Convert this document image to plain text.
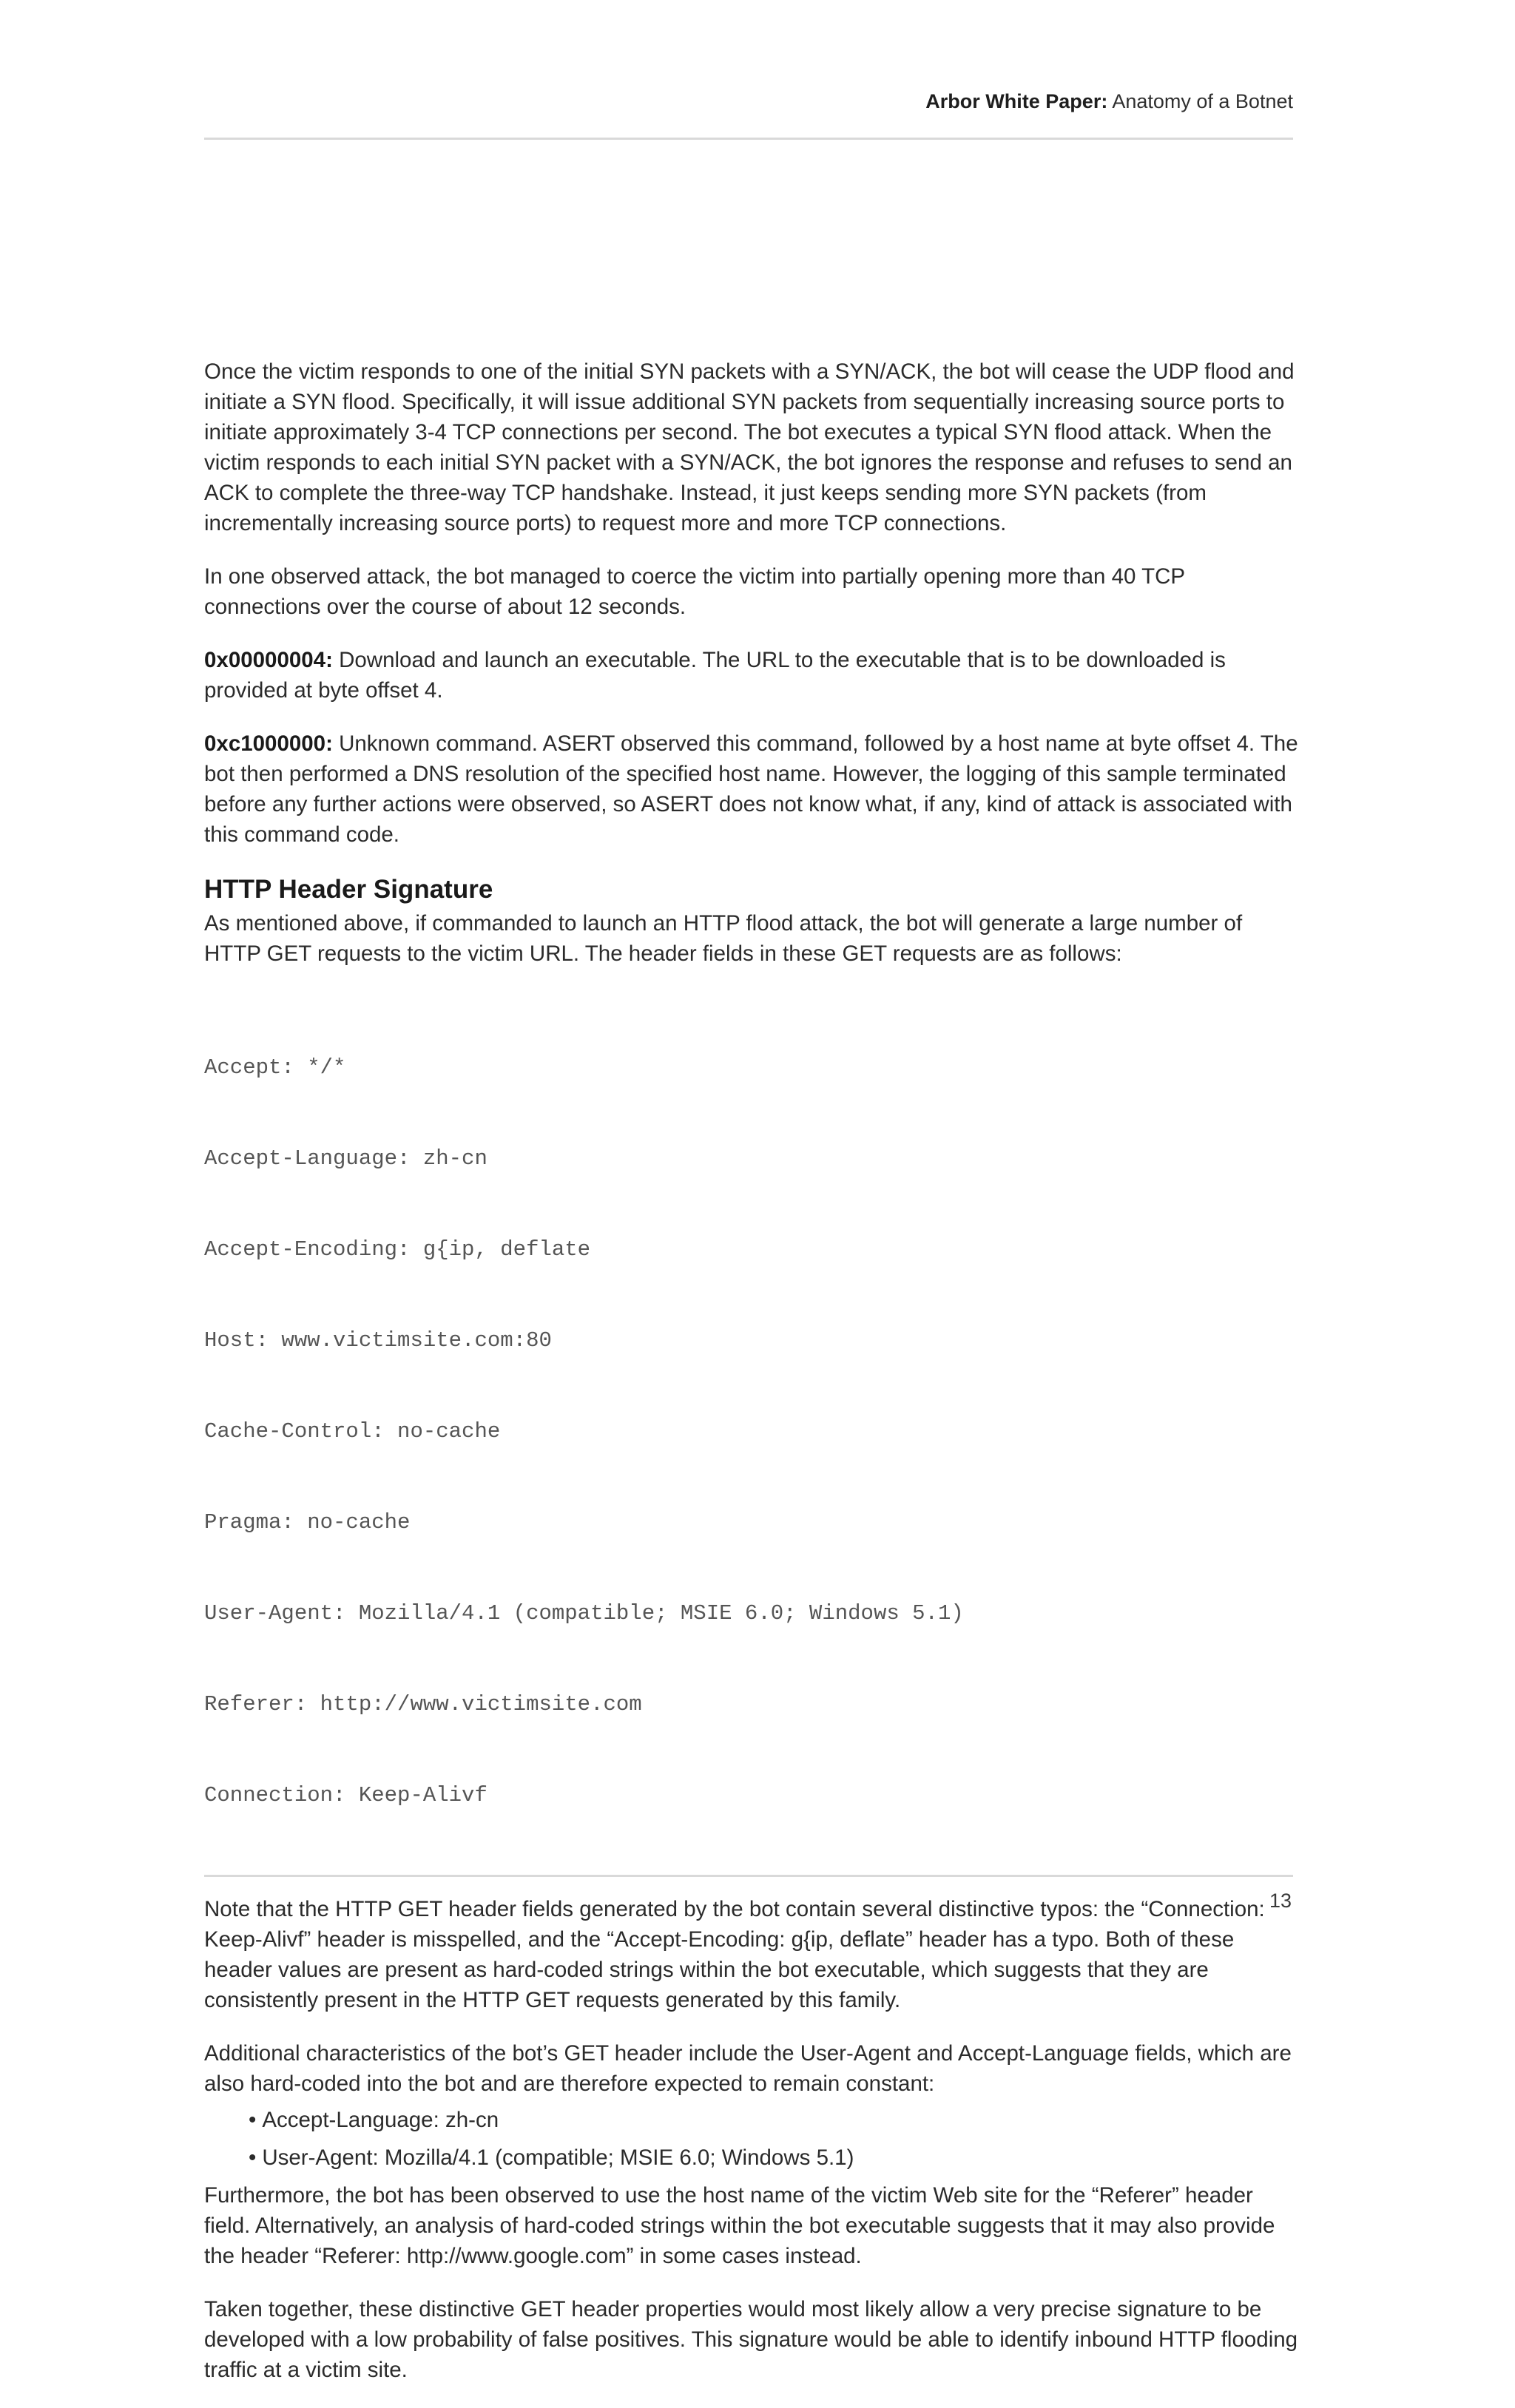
Arbor White Paper: Anatomy of a Botnet

Once the victim responds to one of the initial SYN packets with a SYN/ACK, the bot will cease the UDP flood and initiate a SYN flood. Specifically, it will issue additional SYN packets from sequentially increasing source ports to initiate approximately 3-4 TCP connections per second. The bot executes a typical SYN flood attack. When the victim responds to each initial SYN packet with a SYN/ACK, the bot ignores the response and refuses to send an ACK to complete the three-way TCP handshake. Instead, it just keeps sending more SYN packets (from incrementally increasing source ports) to request more and more TCP connections.

In one observed attack, the bot managed to coerce the victim into partially opening more than 40 TCP connections over the course of about 12 seconds.

0x00000004: Download and launch an executable. The URL to the executable that is to be downloaded is provided at byte offset 4.

0xc1000000: Unknown command. ASERT observed this command, followed by a host name at byte offset 4. The bot then performed a DNS resolution of the specified host name. However, the logging of this sample terminated before any further actions were observed, so ASERT does not know what, if any, kind of attack is associated with this command code.

HTTP Header Signature

As mentioned above, if commanded to launch an HTTP flood attack, the bot will generate a large number of HTTP GET requests to the victim URL. The header fields in these GET requests are as follows:

Accept: */*

Accept-Language: zh-cn

Accept-Encoding: g{ip, deflate

Host: www.victimsite.com:80

Cache-Control: no-cache

Pragma: no-cache

User-Agent: Mozilla/4.1 (compatible; MSIE 6.0; Windows 5.1)

Referer: http://www.victimsite.com

Connection: Keep-Alivf

Note that the HTTP GET header fields generated by the bot contain several distinctive typos: the “Connection: Keep-Alivf” header is misspelled, and the “Accept-Encoding: g{ip, deflate” header has a typo. Both of these header values are present as hard-coded strings within the bot executable, which suggests that they are consistently present in the HTTP GET requests generated by this family.

Additional characteristics of the bot’s GET header include the User-Agent and Accept-Language fields, which are also hard-coded into the bot and are therefore expected to remain constant:

• Accept-Language: zh-cn
• User-Agent: Mozilla/4.1 (compatible; MSIE 6.0; Windows 5.1)

Furthermore, the bot has been observed to use the host name of the victim Web site for the “Referer” header field. Alternatively, an analysis of hard-coded strings within the bot executable suggests that it may also provide the header “Referer: http://www.google.com” in some cases instead.

Taken together, these distinctive GET header properties would most likely allow a very precise signature to be developed with a low probability of false positives. This signature would be able to identify inbound HTTP flooding traffic at a victim site.

13
